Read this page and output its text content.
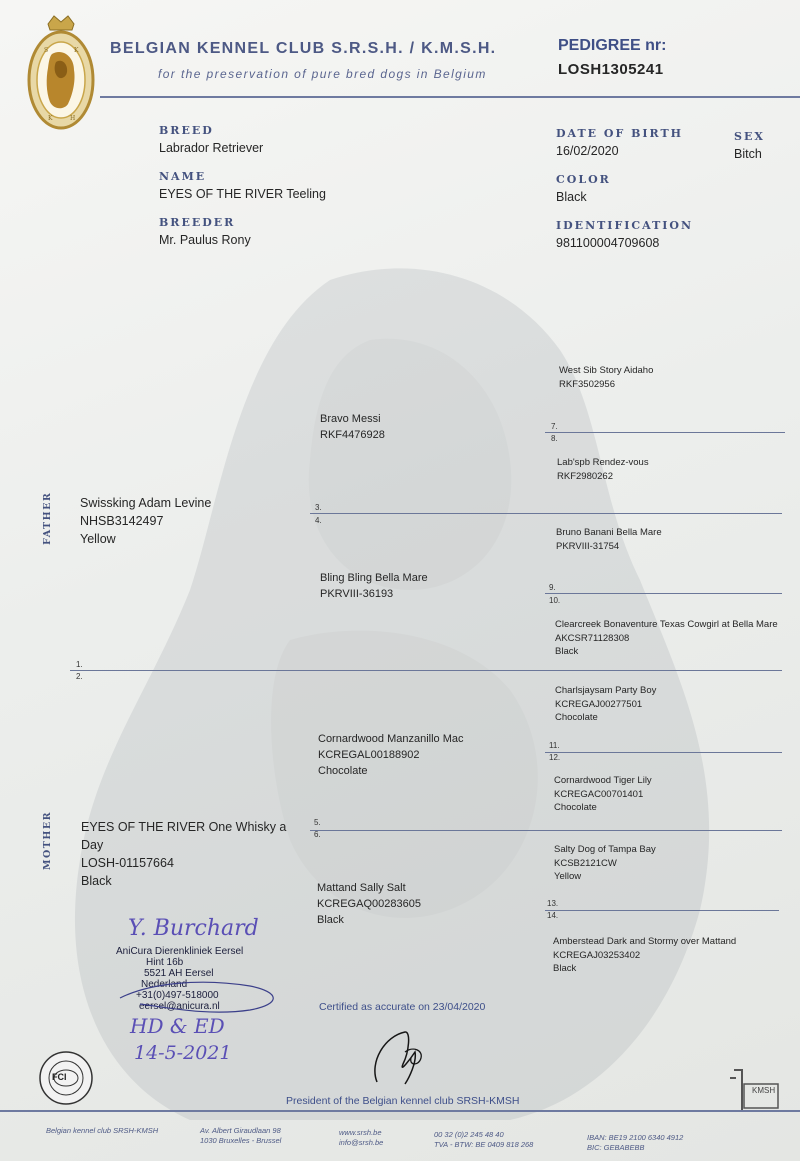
S	K
K	H
BELGIAN KENNEL CLUB S.R.S.H. / K.M.S.H.
for the preservation of pure bred dogs in Belgium
PEDIGREE nr:
LOSH1305241
BREED
Labrador Retriever
NAME
EYES OF THE RIVER Teeling
BREEDER
Mr. Paulus Rony
DATE OF BIRTH
16/02/2020
SEX
Bitch
COLOR
Black
IDENTIFICATION
981100004709608
FATHER
MOTHER
1.
2.
3.
4.
5.
6.
7.
8.
9.
10.
11.
12.
13.
14.
Swissking Adam Levine
NHSB3142497
Yellow
EYES OF THE RIVER One Whisky a Day
LOSH-01157664
Black
Bravo Messi
RKF4476928
Bling Bling Bella Mare
PKRVIII-36193
Cornardwood Manzanillo Mac
KCREGAL00188902
Chocolate
Mattand Sally Salt
KCREGAQ00283605
Black
West Sib Story Aidaho
RKF3502956
Lab'spb Rendez-vous
RKF2980262
Bruno Banani Bella Mare
PKRVIII-31754
Clearcreek Bonaventure Texas Cowgirl at Bella Mare
AKCSR71128308
Black
Charlsjaysam Party Boy
KCREGAJ00277501
Chocolate
Cornardwood Tiger Lily
KCREGAC00701401
Chocolate
Salty Dog of Tampa Bay
KCSB2121CW
Yellow
Amberstead Dark and Stormy over Mattand
KCREGAJ03253402
Black
Y. Burchard
AniCura Dierenkliniek Eersel
Hint 16b
5521 AH Eersel
Nederland
+31(0)497-518000
eersel@anicura.nl
HD & ED
14-5-2021
Certified as accurate on 23/04/2020
President of the Belgian kennel club SRSH-KMSH
FCI
KMSH
Belgian kennel club SRSH-KMSH	Av. Albert Giraudlaan 98
1030 Bruxelles - Brussel
www.srsh.be
info@srsh.be
00 32 (0)2 245 48 40
TVA - BTW: BE 0409 818 268
IBAN: BE19 2100 6340 4912
BIC: GEBABEBB
